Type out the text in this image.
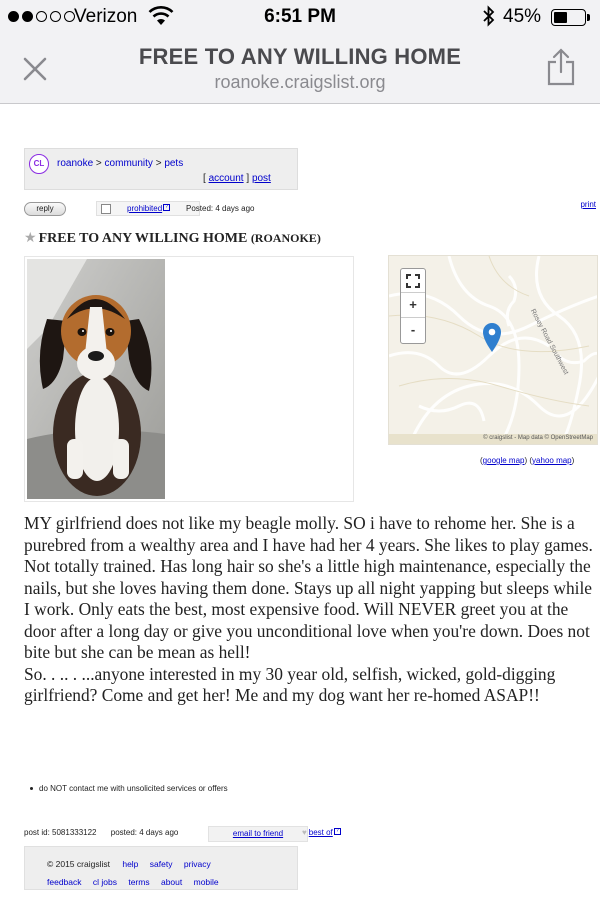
Verizon	6:51 PM	45%
FREE TO ANY WILLING HOME
roanoke.craigslist.org
CL	roanoke > community > pets
[ account ] post
reply	prohibited ? Posted: 4 days ago	print
★ FREE TO ANY WILLING HOME (ROANOKE)
+
-	Rosey Road Southwest
© craigslist - Map data © OpenStreetMap
(google map) (yahoo map)

MY girlfriend does not like my beagle molly. SO i have to rehome her. She is a purebred from a wealthy area and I have had her 4 years. She likes to play games. Not totally trained. Has long hair so she's a little high maintenance, especially the nails, but she loves having them done. Stays up all night yapping but sleeps while I work. Only eats the best, most expensive food. Will NEVER greet you at the door after a long day or give you unconditional love when you're down. Does not bite but she can be mean as hell!

So. . .. . ...anyone interested in my 30 year old, selfish, wicked, gold-digging girlfriend? Come and get her! Me and my dog want her re-homed ASAP!!

do NOT contact me with unsolicited services or offers
post id: 5081333122 posted: 4 days ago	email to friend	♥ best of ?
© 2015 craigslist help safety privacy
feedback cl jobs terms about mobile
